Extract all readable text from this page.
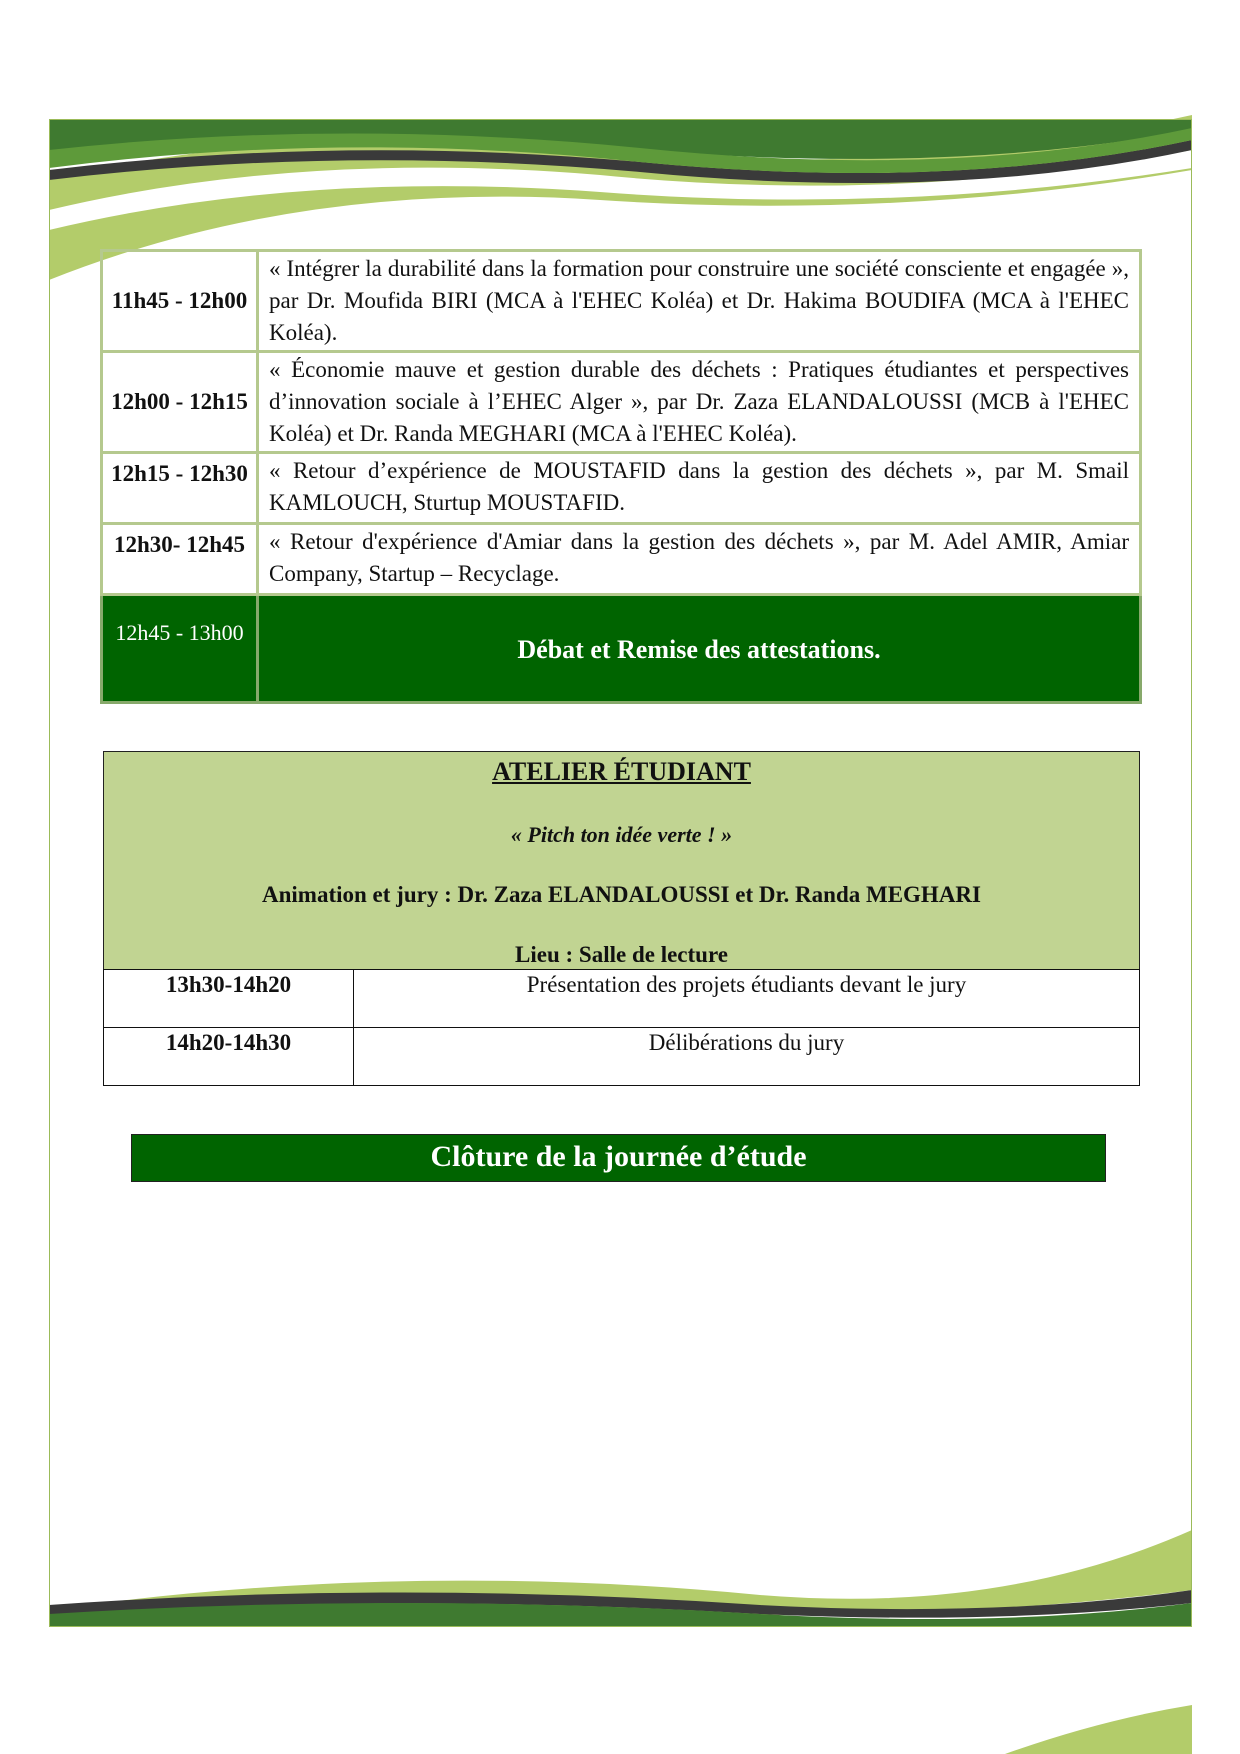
11h45 - 12h00	« Intégrer la durabilité dans la formation pour construire une société consciente et engagée », par Dr. Moufida BIRI (MCA à l'EHEC Koléa) et Dr. Hakima BOUDIFA (MCA à l'EHEC Koléa).
12h00 - 12h15	« Économie mauve et gestion durable des déchets : Pratiques étudiantes et perspectives d’innovation sociale à l’EHEC Alger », par Dr. Zaza ELANDALOUSSI (MCB à l'EHEC Koléa) et Dr. Randa MEGHARI (MCA à l'EHEC Koléa).
12h15 - 12h30	« Retour d’expérience de MOUSTAFID dans la gestion des déchets », par M. Smail KAMLOUCH, Sturtup MOUSTAFID.
12h30- 12h45	« Retour d'expérience d'Amiar dans la gestion des déchets », par M. Adel AMIR, Amiar Company, Startup – Recyclage.
12h45 - 13h00	Débat et Remise des attestations.
ATELIER ÉTUDIANT
« Pitch ton idée verte ! »
Animation et jury : Dr. Zaza ELANDALOUSSI et Dr. Randa MEGHARI
Lieu : Salle de lecture
13h30-14h20	Présentation des projets étudiants devant le jury
14h20-14h30	Délibérations du jury
Clôture de la journée d’étude
